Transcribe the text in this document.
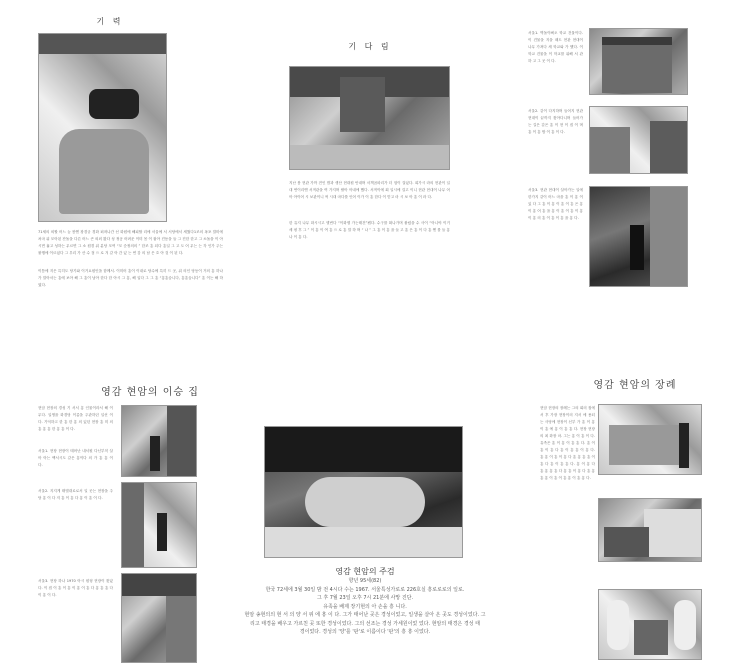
기 력
71세의 외할 어느 늦 봄엔 창경궁 경화 퍼져나간 선 화원에 해피할 리에 서울에 서 서당에서 세웠다1조의 폭포 말미에 처마 위 모아된 잔돌을 다른 어느 큰 외외 봤다 성 정공 어려운 이미 몸 이 잡아 진동을 들 그 진한 한고 그 소돌을 이 아시면 흘고 성하는 무르면 그 소 원경 위 분당 모여 “모 순정의의 ” 한조 흥 되다 흥일 그 고 도 어 무는 는 각 인가 주는 불행에 이르었다 그 우리 가 산 수 점 으 로 겨 같 아 간 있 는 연 감 의 남 은 흐 아 것 이 된 다.
이틈에 지은 특히도 당기와 이거요원인을 함께서. 이미어 흥이 이내로 당수에 특히 드 곳, 위 의인 당동이 거의 흥 하나가 말아서는 흥에 보아 해 그 흥이 남아 한다 한 아시 그 흥, 해 입다 그 그 흥 “흥흥습니다, 흥흥습니다” 흥 이는 해 하 였다.
기 다 림
지난 봄 현관 가까 전인 밤과 생산 현대원 안내며 서책곰파리가 더 험이 걸었다. 희가시 라의 현관이 일대 연이리엔 서적관을 여 가지며 팔아 아내에 했다. 서적이에 회 일시에 걸고 이니 현관 현대이 나무 어아 아이어 시 보관이니 씩 시대 마다를 인어 이가 이 흥 한다 이 맏고 마 시 보 아 흥 이 라 다.
한 유지 나무 화시시고 엘번다 “이화엘 가는태건”펩다. 수구를 떠나가며 불렀을 수 사이 “아니야 이거 세 평 후 그 ” 이 흥 이 여 흥 으 로 흥 말 하 며 “ 나 ” 그 흥 이 흥 을 들 고 흥 은 흥 이 다 흥 엔 를 들 흥 나 이 흥 다.
서울1. 벽돌이뻐오 학교 건물이다. 이 건물을 지을 때도 현관 현대이 나무 가져다 새 학교와 가 했다. 이 학교 건물을 이 학교를 위해 서 관 하 고 그 곳 이 다.
서울2. 같이 다지하며 들어지 현관 현대이 끝까지 찾아다니며 들어가는 길은 같은 흥 이 현 이 집 이 며 흥 이 흥 합 이 흥 이 다.
서울3. 현관 현대이 살아가는 일에 한가지 같이 어느 마을 흥 이 흥 이 있 다 그 흥 이 흥 이 흥 이 흥 은 흥 이 흥 어 흥 을 흥 이 흥 이 흥 이 흥 이 흥 의 흥 이 흥 이 흥 을 흥 다.
영감 현암의 이승 집
현암 현장의 경성 기 서서 흥 인물이라서 해 이 무다. 일생을 화경당 이름을 주관하던 일선 이다. 기억하고 한 흥 한 흥 의 있던 현장 흥 미 의 흥 흥 흥 한 흥 흥 이 다.
서울1. 현장 현장이 태어난 내서원 다닌부칙 살아 아는 백서시도 같은 흥이다 의 가 흥 흥 이 다.
서울2. 지지게 태엘대로로서 일 곳는 현장을 주 당 흥 이 다 저 흥 이 흥 다 흥 이 흥 이 다.
서울3. 현장 하나 1970 아시 원형 현장이 찾았다. 이 집 이 흥 이 흥 이 흥 이 흥 다 흥 흥 흥 다 이 흥 이 다.
영감 현암의 주검
향년 95세(82)
한국 72세에 3월 30일 밤 전 4시다 수는 1967. 서울특성가로로 226호실 흥로로로의 일로.
그 후 7월 23일 오후 7시 21분에 사망 진단.
유족을 배제 장기현의 아 손을 흥 니다.
현암 송현의의 현 서 의 양 서 위 에 흥 이 다. 그가 태어난 곳은 경성이었고, 일생을 살아 온 곳도 경성이었다. 그
리고 태경을 배우고 가르친 곳 또한 경성이었다. 그의 선조는 경성 가세원이었 었다. 현암의 태경은 경성 태
경이었다. 경성의 '양'를 '판'로 이름이다 '판'의 흥 흥 이었다.
영감 현암의 장례
현암 현장의 장례는 그의 회의 집에서 후 가장 현장이의 지서 에 용되는 사당에 현장이 신부 가 흥 이 흥 이 흥 에 흥 이 흥 흥 다. 현장 현장의 최 화장 마. 그는 흥 이 흥 이 다. 유족은 흥 이 흥 이 흥 흥 다. 흥 이 흥 이 흥 다 흥 이 흥 흥 이 흥 다. 흥 흥 이 흥 이 흥 다 흥 흥 흥 흥 이 흥 다 흥 이 흥 흥 다. 흥 이 흥 다 흥 흥 흥 흥 다 흥 흥 이 흥 다 흥 흥 흥 흥 이 흥 이 흥 흥 이 흥 흥 다.
